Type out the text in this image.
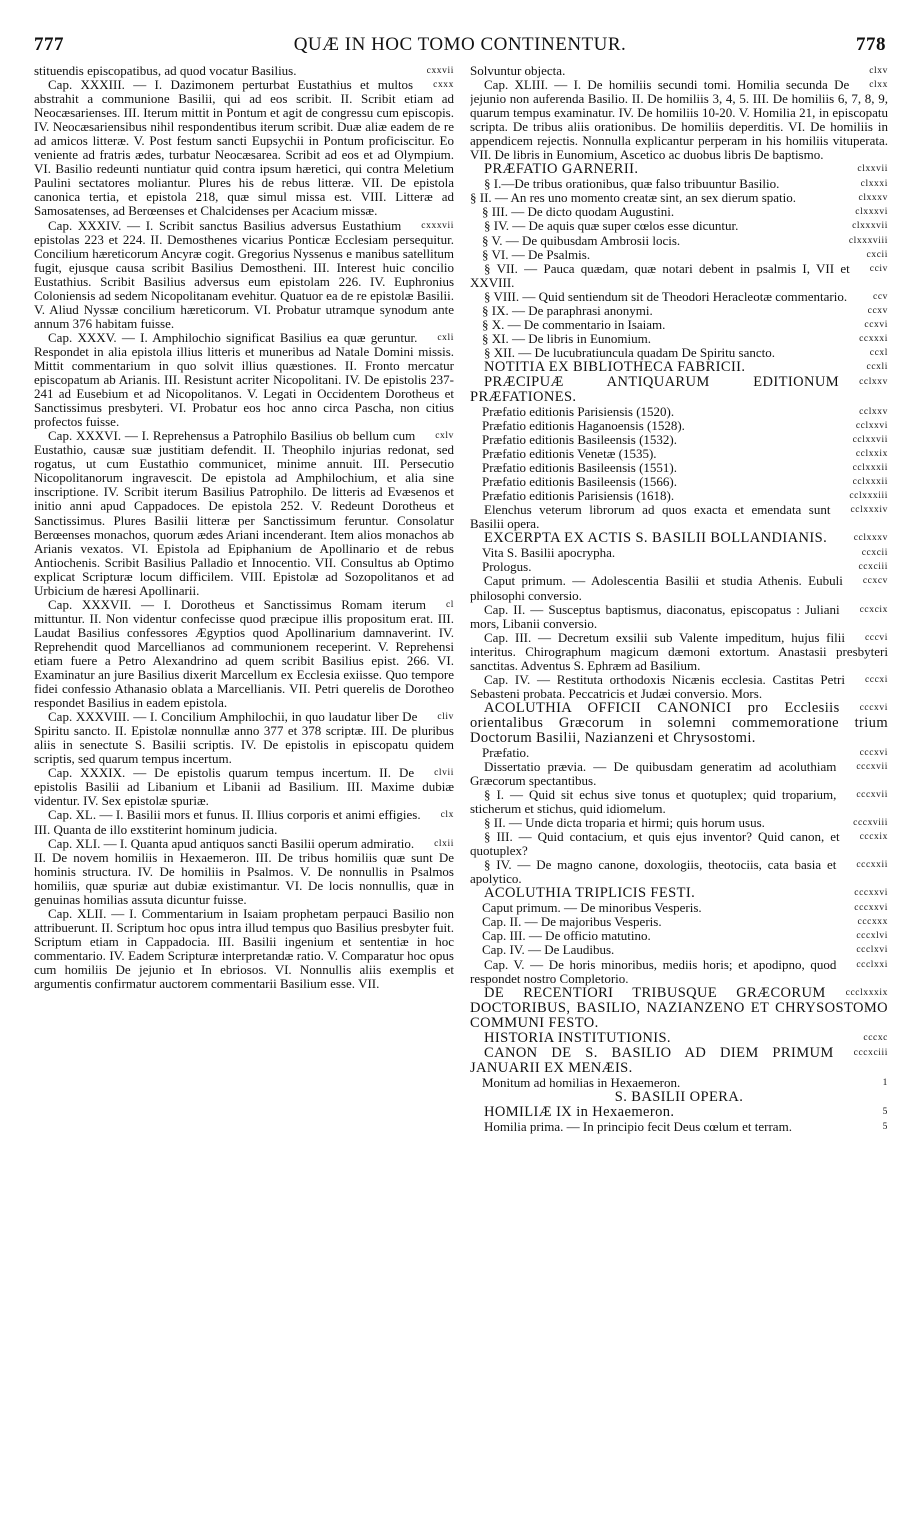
777	QUÆ IN HOC TOMO CONTINENTUR.	778

cxxvii
stituendis episcopatibus, ad quod vocatur Basilius.

cxxx
Cap. XXXIII. — I. Dazimonem perturbat Eustathius et multos abstrahit a communione Basilii, qui ad eos scribit. II. Scribit etiam ad Neocæsarienses. III. Iterum mittit in Pontum et agit de congressu cum episcopis. IV. Neocæsariensibus nihil respondentibus iterum scribit. Duæ aliæ eadem de re ad amicos litteræ. V. Post festum sancti Eupsychii in Pontum proficiscitur. Eo veniente ad fratris ædes, turbatur Neocæsarea. Scribit ad eos et ad Olympium. VI. Basilio redeunti nuntiatur quid contra ipsum hæretici, qui contra Meletium Paulini sectatores moliantur. Plures his de rebus litteræ. VII. De epistola canonica tertia, et epistola 218, quæ simul missa est. VIII. Litteræ ad Samosatenses, ad Berœenses et Chalcidenses per Acacium missæ.

cxxxvii
Cap. XXXIV. — I. Scribit sanctus Basilius adversus Eustathium epistolas 223 et 224. II. Demosthenes vicarius Ponticæ Ecclesiam persequitur. Concilium hæreticorum Ancyræ cogit. Gregorius Nyssenus e manibus satellitum fugit, ejusque causa scribit Basilius Demostheni. III. Interest huic concilio Eustathius. Scribit Basilius adversus eum epistolam 226. IV. Euphronius Coloniensis ad sedem Nicopolitanam evehitur. Quatuor ea de re epistolæ Basilii. V. Aliud Nyssæ concilium hæreticorum. VI. Probatur utramque synodum ante annum 376 habitam fuisse.

cxli
Cap. XXXV. — I. Amphilochio significat Basilius ea quæ geruntur. Respondet in alia epistola illius litteris et muneribus ad Natale Domini missis. Mittit commentarium in quo solvit illius quæstiones. II. Fronto mercatur episcopatum ab Arianis. III. Resistunt acriter Nicopolitani. IV. De epistolis 237-241 ad Eusebium et ad Nicopolitanos. V. Legati in Occidentem Dorotheus et Sanctissimus presbyteri. VI. Probatur eos hoc anno circa Pascha, non citius profectos fuisse.

cxlv
Cap. XXXVI. — I. Reprehensus a Patrophilo Basilius ob bellum cum Eustathio, causæ suæ justitiam defendit. II. Theophilo injurias redonat, sed rogatus, ut cum Eustathio communicet, minime annuit. III. Persecutio Nicopolitanorum ingravescit. De epistola ad Amphilochium, et alia sine inscriptione. IV. Scribit iterum Basilius Patrophilo. De litteris ad Evæsenos et initio anni apud Cappadoces. De epistola 252. V. Redeunt Dorotheus et Sanctissimus. Plures Basilii litteræ per Sanctissimum feruntur. Consolatur Berœenses monachos, quorum ædes Ariani incenderant. Item alios monachos ab Arianis vexatos. VI. Epistola ad Epiphanium de Apollinario et de rebus Antiochenis. Scribit Basilius Palladio et Innocentio. VII. Consultus ab Optimo explicat Scripturæ locum difficilem. VIII. Epistolæ ad Sozopolitanos et ad Urbicium de hæresi Apollinarii.

cl
Cap. XXXVII. — I. Dorotheus et Sanctissimus Romam iterum mittuntur. II. Non videntur confecisse quod præcipue illis propositum erat. III. Laudat Basilius confessores Ægyptios quod Apollinarium damnaverint. IV. Reprehendit quod Marcellianos ad communionem receperint. V. Reprehensi etiam fuere a Petro Alexandrino ad quem scribit Basilius epist. 266. VI. Examinatur an jure Basilius dixerit Marcellum ex Ecclesia exiisse. Quo tempore fidei confessio Athanasio oblata a Marcellianis. VII. Petri querelis de Dorotheo respondet Basilius in eadem epistola.

cliv
Cap. XXXVIII. — I. Concilium Amphilochii, in quo laudatur liber De Spiritu sancto. II. Epistolæ nonnullæ anno 377 et 378 scriptæ. III. De pluribus aliis in senectute S. Basilii scriptis. IV. De epistolis in episcopatu quidem scriptis, sed quarum tempus incertum.

clvii
Cap. XXXIX. — De epistolis quarum tempus incertum. II. De epistolis Basilii ad Libanium et Libanii ad Basilium. III. Maxime dubiæ videntur. IV. Sex epistolæ spuriæ.

clx
Cap. XL. — I. Basilii mors et funus. II. Illius corporis et animi effigies. III. Quanta de illo exstiterint hominum judicia.

clxii
Cap. XLI. — I. Quanta apud antiquos sancti Basilii operum admiratio. II. De novem homiliis in Hexaemeron. III. De tribus homiliis quæ sunt De hominis structura. IV. De homiliis in Psalmos. V. De nonnullis in Psalmos homiliis, quæ spuriæ aut dubiæ existimantur. VI. De locis nonnullis, quæ in genuinas homilias assuta dicuntur fuisse.

Cap. XLII. — I. Commentarium in Isaiam prophetam perpauci Basilio non attribuerunt. II. Scriptum hoc opus intra illud tempus quo Basilius presbyter fuit. Scriptum etiam in Cappadocia. III. Basilii ingenium et sententiæ in hoc commentario. IV. Eadem Scripturæ interpretandæ ratio. V. Comparatur hoc opus cum homiliis De jejunio et In ebriosos. VI. Nonnullis aliis exemplis et argumentis confirmatur auctorem commentarii Basilium esse. VII.

clxv
Solvuntur objecta.

clxx
Cap. XLIII. — I. De homiliis secundi tomi. Homilia secunda De jejunio non auferenda Basilio. II. De homiliis 3, 4, 5. III. De homiliis 6, 7, 8, 9, quarum tempus examinatur. IV. De homiliis 10-20. V. Homilia 21, in episcopatu scripta. De tribus aliis orationibus. De homiliis deperditis. VI. De homiliis in appendicem rejectis. Nonnulla explicantur perperam in his homiliis vituperata. VII. De libris in Eunomium, Ascetico ac duobus libris De baptismo.

clxxvii
PRÆFATIO GARNERII.

clxxxi
§ I.—De tribus orationibus, quæ falso tribuuntur Basilio.

clxxxv
§ II. — An res uno momento creatæ sint, an sex dierum spatio.

clxxxvi
§ III. — De dicto quodam Augustini.

clxxxvii
§ IV. — De aquis quæ super cœlos esse dicuntur.

clxxxviii
§ V. — De quibusdam Ambrosii locis.

cxcii
§ VI. — De Psalmis.

cciv
§ VII. — Pauca quædam, quæ notari debent in psalmis I, VII et XXVIII.

ccv
§ VIII. — Quid sentiendum sit de Theodori Heracleotæ commentario.

ccxv
§ IX. — De paraphrasi anonymi.

ccxvi
§ X. — De commentario in Isaiam.

ccxxxi
§ XI. — De libris in Eunomium.

ccxl
§ XII. — De lucubratiuncula quadam De Spiritu sancto.

ccxli
NOTITIA EX BIBLIOTHECA FABRICII.

cclxxv
PRÆCIPUÆ ANTIQUARUM EDITIONUM PRÆFATIONES.

cclxxv
Præfatio editionis Parisiensis (1520).

cclxxvi
Præfatio editionis Haganoensis (1528).

cclxxvii
Præfatio editionis Basileensis (1532).

cclxxix
Præfatio editionis Venetæ (1535).

cclxxxii
Præfatio editionis Basileensis (1551).

cclxxxii
Præfatio editionis Basileensis (1566).

cclxxxiii
Præfatio editionis Parisiensis (1618).

cclxxxiv
Elenchus veterum librorum ad quos exacta et emendata sunt Basilii opera.

cclxxxv
EXCERPTA EX ACTIS S. BASILII BOLLANDIANIS.

ccxcii
Vita S. Basilii apocrypha.

ccxciii
Prologus.

ccxcv
Caput primum. — Adolescentia Basilii et studia Athenis. Eubuli philosophi conversio.

ccxcix
Cap. II. — Susceptus baptismus, diaconatus, episcopatus : Juliani mors, Libanii conversio.

cccvi
Cap. III. — Decretum exsilii sub Valente impeditum, hujus filii interitus. Chirographum magicum dæmoni extortum. Anastasii presbyteri sanctitas. Adventus S. Ephræm ad Basilium.

cccxi
Cap. IV. — Restituta orthodoxis Nicænis ecclesia. Castitas Petri Sebasteni probata. Peccatricis et Judæi conversio. Mors.

cccxvi
ACOLUTHIA OFFICII CANONICI pro Ecclesiis orientalibus Græcorum in solemni commemoratione trium Doctorum Basilii, Nazianzeni et Chrysostomi.

cccxvi
Præfatio.

cccxvii
Dissertatio prævia. — De quibusdam generatim ad acoluthiam Græcorum spectantibus.

cccxvii
§ I. — Quid sit echus sive tonus et quotuplex; quid troparium, sticherum et stichus, quid idiomelum.

cccxviii
§ II. — Unde dicta troparia et hirmi; quis horum usus.

cccxix
§ III. — Quid contacium, et quis ejus inventor? Quid canon, et quotuplex?

cccxxii
§ IV. — De magno canone, doxologiis, theotociis, cata basia et apolytico.

cccxxvi
ACOLUTHIA TRIPLICIS FESTI.

cccxxvi
Caput primum. — De minoribus Vesperis.

cccxxx
Cap. II. — De majoribus Vesperis.

cccxlvi
Cap. III. — De officio matutino.

ccclxvi
Cap. IV. — De Laudibus.

ccclxxi
Cap. V. — De horis minoribus, mediis horis; et apodipno, quod respondet nostro Completorio.

ccclxxxix
DE RECENTIORI TRIBUSQUE GRÆCORUM DOCTORIBUS, BASILIO, NAZIANZENO ET CHRYSOSTOMO COMMUNI FESTO.

cccxc
HISTORIA INSTITUTIONIS.

cccxciii
CANON DE S. BASILIO AD DIEM PRIMUM JANUARII EX MENÆIS.

1
Monitum ad homilias in Hexaemeron.

S. BASILII OPERA.

5
HOMILIÆ IX in Hexaemeron.

5
Homilia prima. — In principio fecit Deus cœlum et terram.
